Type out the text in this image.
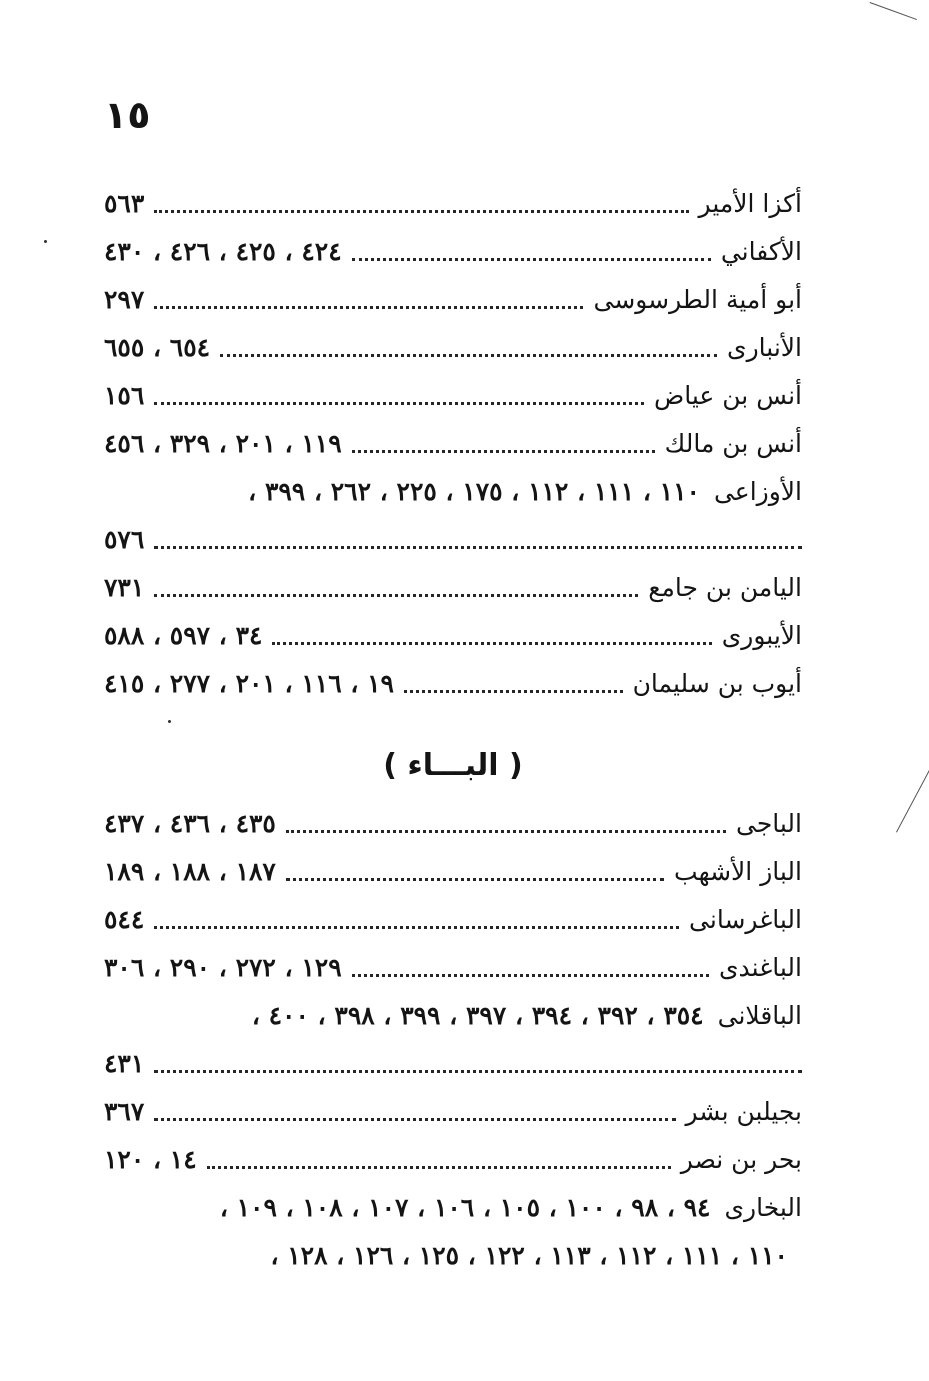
١٥
أكزا الأمير
٥٦٣
الأكفاني
٤٢٤ ، ٤٢٥ ، ٤٢٦ ، ٤٣٠
أبو أمية الطرسوسى
٢٩٧
الأنبارى
٦٥٤ ، ٦٥٥
أنس بن عياض
١٥٦
أنس بن مالك
١١٩ ، ٢٠١ ، ٣٢٩ ، ٤٥٦
الأوزاعى
١١٠ ، ١١١ ، ١١٢ ، ١٧٥ ، ٢٢٥ ، ٢٦٢ ، ٣٩٩ ،
٥٧٦
اليامن بن جامع
٧٣١
الأيبورى
٣٤ ، ٥٩٧ ، ٥٨٨
أيوب بن سليمان
١٩ ، ١١٦ ، ٢٠١ ، ٢٧٧ ، ٤١٥
( البـــاء )
الباجى
٤٣٥ ، ٤٣٦ ، ٤٣٧
الباز الأشهب
١٨٧ ، ١٨٨ ، ١٨٩
الباغرسانى
٥٤٤
الباغندى
١٢٩ ، ٢٧٢ ، ٢٩٠ ، ٣٠٦
الباقلانى
٣٥٤ ، ٣٩٢ ، ٣٩٤ ، ٣٩٧ ، ٣٩٩ ، ٣٩٨ ، ٤٠٠ ،
٤٣١
بجيلبن بشر
٣٦٧
بحر بن نصر
١٤ ، ١٢٠
البخارى
٩٤ ، ٩٨ ، ١٠٠ ، ١٠٥ ، ١٠٦ ، ١٠٧ ، ١٠٨ ، ١٠٩ ،
١١٠ ، ١١١ ، ١١٢ ، ١١٣ ، ١٢٢ ، ١٢٥ ، ١٢٦ ، ١٢٨ ،
